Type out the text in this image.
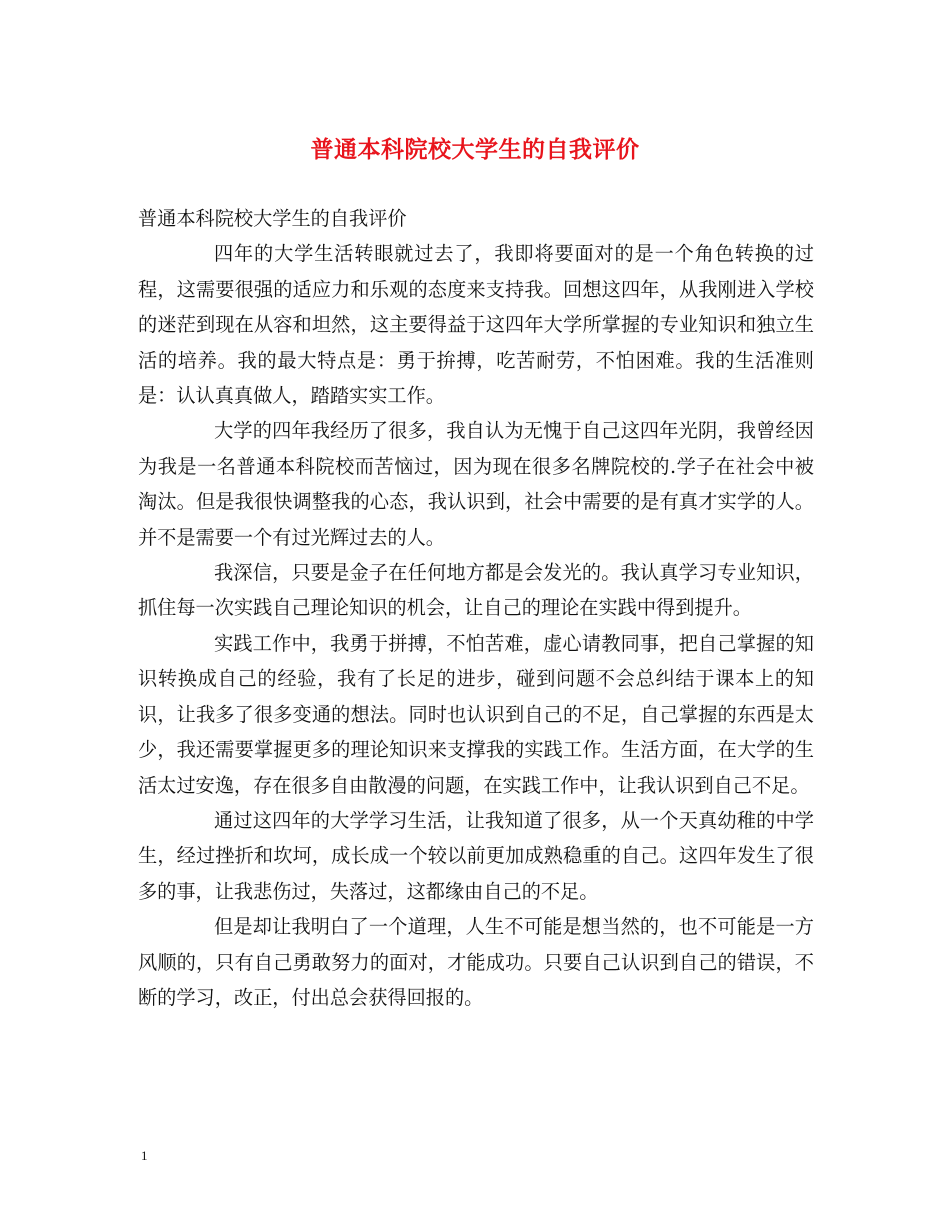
普通本科院校大学生的自我评价

普通本科院校大学生的自我评价

四年的大学生活转眼就过去了，我即将要面对的是一个角色转换的过程，这需要很强的适应力和乐观的态度来支持我。回想这四年，从我刚进入学校的迷茫到现在从容和坦然，这主要得益于这四年大学所掌握的专业知识和独立生活的培养。我的最大特点是：勇于拚搏，吃苦耐劳，不怕困难。我的生活准则是：认认真真做人，踏踏实实工作。

大学的四年我经历了很多，我自认为无愧于自己这四年光阴，我曾经因为我是一名普通本科院校而苦恼过，因为现在很多名牌院校的.学子在社会中被淘汰。但是我很快调整我的心态，我认识到，社会中需要的是有真才实学的人。并不是需要一个有过光辉过去的人。

我深信，只要是金子在任何地方都是会发光的。我认真学习专业知识，抓住每一次实践自己理论知识的机会，让自己的理论在实践中得到提升。

实践工作中，我勇于拼搏，不怕苦难，虚心请教同事，把自己掌握的知识转换成自己的经验，我有了长足的进步，碰到问题不会总纠结于课本上的知识，让我多了很多变通的想法。同时也认识到自己的不足，自己掌握的东西是太少，我还需要掌握更多的理论知识来支撑我的实践工作。生活方面，在大学的生活太过安逸，存在很多自由散漫的问题，在实践工作中，让我认识到自己不足。

通过这四年的大学学习生活，让我知道了很多，从一个天真幼稚的中学生，经过挫折和坎坷，成长成一个较以前更加成熟稳重的自己。这四年发生了很多的事，让我悲伤过，失落过，这都缘由自己的不足。

但是却让我明白了一个道理，人生不可能是想当然的，也不可能是一方风顺的，只有自己勇敢努力的面对，才能成功。只要自己认识到自己的错误，不断的学习，改正，付出总会获得回报的。

1
